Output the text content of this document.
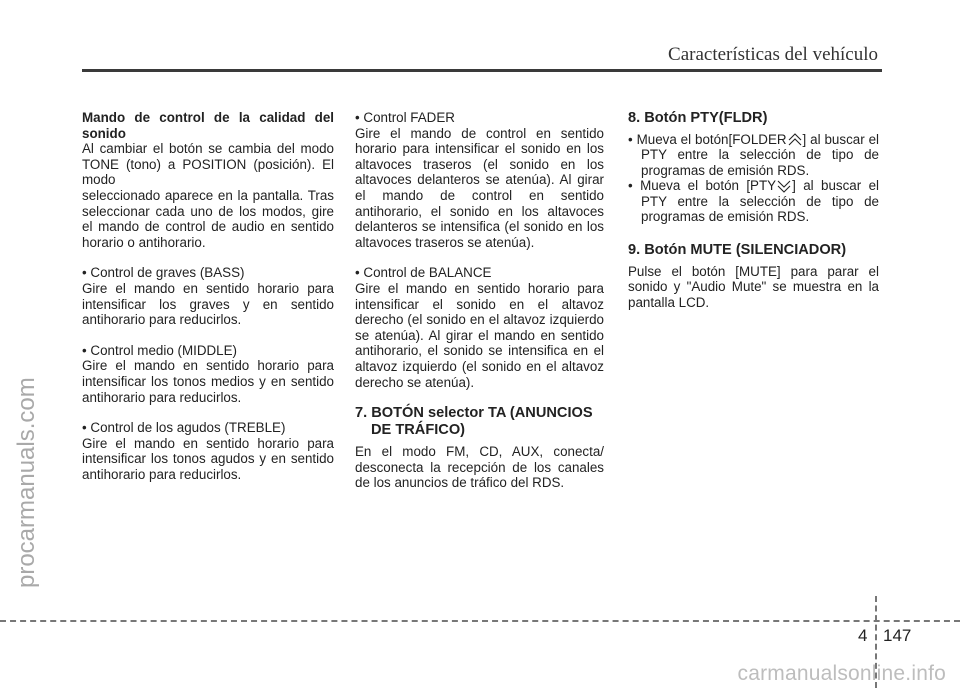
Características del vehículo
procarmanuals.com

Mando de control de la calidad del sonido

Al cambiar el botón se cambia del modo TONE (tono) a POSITION (posición). El modo

seleccionado aparece en la pantalla. Tras seleccionar cada uno de los modos, gire el mando de control de audio en sentido horario o antihorario.

• Control de graves (BASS)

Gire el mando en sentido horario para intensificar los graves y en sentido antihorario para reducirlos.

• Control medio (MIDDLE)

Gire el mando en sentido horario para intensificar los tonos medios y en sentido antihorario para reducirlos.

• Control de los agudos (TREBLE)

Gire el mando en sentido horario para intensificar los tonos agudos y en sentido antihorario para reducirlos.

• Control FADER

Gire el mando de control en sentido horario para intensificar el sonido en los altavoces traseros (el sonido en los altavoces delanteros se atenúa). Al girar el mando de control en sentido antihorario, el sonido en los altavoces delanteros se intensifica (el sonido en los altavoces traseros se atenúa).

• Control de BALANCE

Gire el mando en sentido horario para intensificar el sonido en el altavoz derecho (el sonido en el altavoz izquierdo se atenúa). Al girar el mando en sentido antihorario, el sonido se intensifica en el altavoz izquierdo (el sonido en el altavoz derecho se atenúa).

7. BOTÓN selector TA (ANUNCIOS DE TRÁFICO)

En el modo FM, CD, AUX, conecta/ desconecta la recepción de los canales de los anuncios de tráfico del RDS.

8. Botón PTY(FLDR)

• Mueva el botón[FOLDER ] al buscar el PTY entre la selección de tipo de programas de emisión RDS.

• Mueva el botón [PTY ] al buscar el PTY entre la selección de tipo de programas de emisión RDS.

9. Botón MUTE (SILENCIADOR)

Pulse el botón [MUTE] para parar el sonido y "Audio Mute" se muestra en la pantalla LCD.

4 147
carmanualsonline.info
